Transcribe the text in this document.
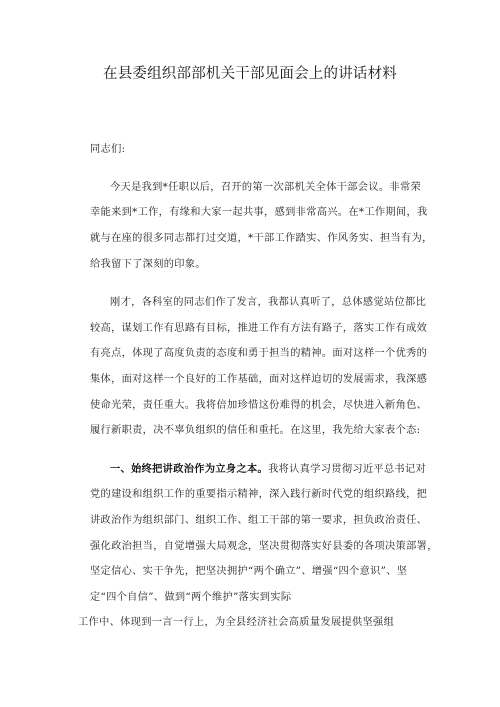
在县委组织部部机关干部见面会上的讲话材料
同志们:
今天是我到*任职以后，召开的第一次部机关全体干部会议。非常荣
幸能来到*工作，有缘和大家一起共事，感到非常高兴。在*工作期间，我
就与在座的很多同志都打过交道，*干部工作踏实、作风务实、担当有为，
给我留下了深刻的印象。
刚才，各科室的同志们作了发言，我都认真听了，总体感觉站位都比
较高，谋划工作有思路有目标，推进工作有方法有路子，落实工作有成效
有亮点，体现了高度负责的态度和勇于担当的精神。面对这样一个优秀的
集体，面对这样一个良好的工作基础，面对这样迫切的发展需求，我深感
使命光荣，责任重大。我将倍加珍惜这份难得的机会，尽快进入新角色、
履行新职责，决不辜负组织的信任和重托。在这里，我先给大家表个态:
一、始终把讲政治作为立身之本。我将认真学习贯彻习近平总书记对
党的建设和组织工作的重要指示精神，深入践行新时代党的组织路线，把
讲政治作为组织部门、组织工作、组工干部的第一要求，担负政治责任、
强化政治担当，自觉增强大局观念，坚决贯彻落实好县委的各项决策部署，
坚定信心、实干争先，把坚决拥护“两个确立”、增强“四个意识”、坚
定“四个自信”、做到“两个维护”落实到实际
工作中、体现到一言一行上，为全县经济社会高质量发展提供坚强组
